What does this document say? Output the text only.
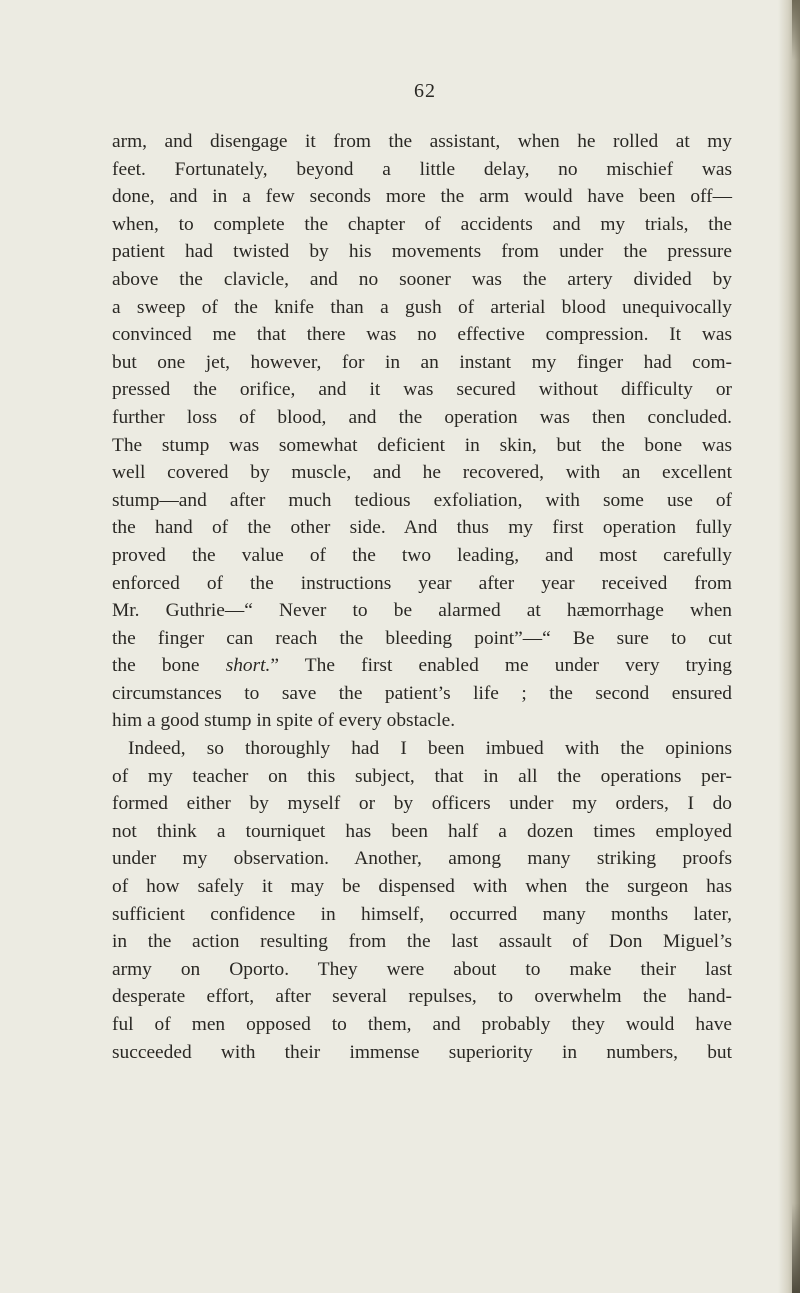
62
arm, and disengage it from the assistant, when he rolled at my
feet. Fortunately, beyond a little delay, no mischief was
done, and in a few seconds more the arm would have been off—
when, to complete the chapter of accidents and my trials, the
patient had twisted by his movements from under the pressure
above the clavicle, and no sooner was the artery divided by
a sweep of the knife than a gush of arterial blood unequivocally
convinced me that there was no effective compression. It was
but one jet, however, for in an instant my finger had com-
pressed the orifice, and it was secured without difficulty or
further loss of blood, and the operation was then concluded.
The stump was somewhat deficient in skin, but the bone was
well covered by muscle, and he recovered, with an excellent
stump—and after much tedious exfoliation, with some use of
the hand of the other side. And thus my first operation fully
proved the value of the two leading, and most carefully
enforced of the instructions year after year received from
Mr. Guthrie—“ Never to be alarmed at hæmorrhage when
the finger can reach the bleeding point”—“ Be sure to cut
the bone short.” The first enabled me under very trying
circumstances to save the patient’s life ; the second ensured
him a good stump in spite of every obstacle.
Indeed, so thoroughly had I been imbued with the opinions
of my teacher on this subject, that in all the operations per-
formed either by myself or by officers under my orders, I do
not think a tourniquet has been half a dozen times employed
under my observation. Another, among many striking proofs
of how safely it may be dispensed with when the surgeon has
sufficient confidence in himself, occurred many months later,
in the action resulting from the last assault of Don Miguel’s
army on Oporto. They were about to make their last
desperate effort, after several repulses, to overwhelm the hand-
ful of men opposed to them, and probably they would have
succeeded with their immense superiority in numbers, but
